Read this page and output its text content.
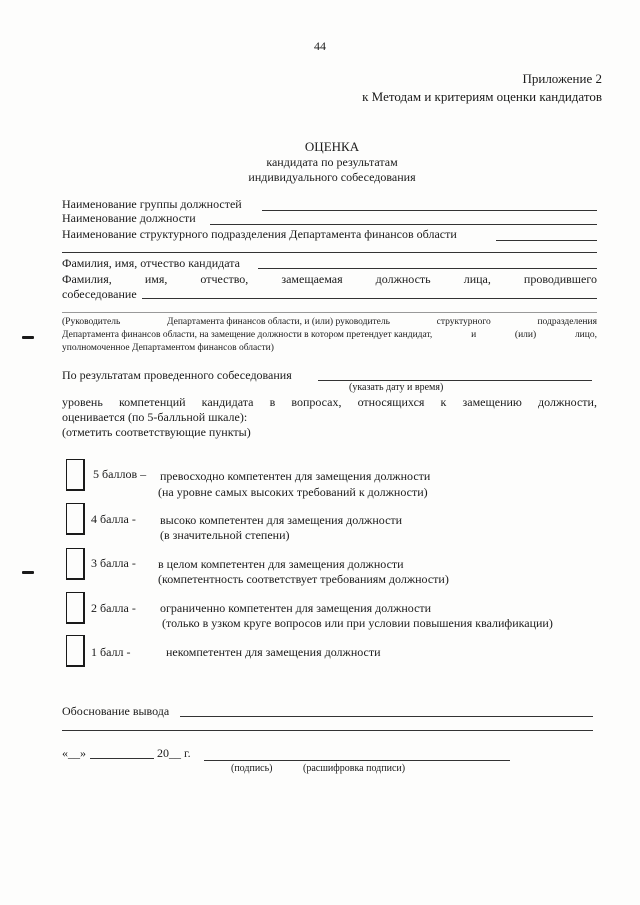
44
Приложение 2
к Методам и критериям оценки кандидатов
ОЦЕНКА
кандидата по результатам
индивидуального собеседования
Наименование группы должностей
Наименование должности
Наименование структурного подразделения Департамента финансов области
Фамилия, имя, отчество кандидата
Фамилия,	имя,	отчество,	замещаемая	должность	лица,	проводившего
собеседование
(Руководитель	Департамента финансов области, и (или) руководитель	структурного	подразделения
Департамента финансов области, на замещение должности в котором претендует кандидат,	и	(или)	лицо,
уполномоченное Департаментом финансов области)
По результатам проведенного собеседования
(указать дату и время)
уровень компетенций кандидата в вопросах, относящихся к замещению должности,
оценивается (по 5-балльной шкале):
(отметить соответствующие пункты)
5 баллов – превосходно компетентен для замещения должности
(на уровне самых высоких требований к должности)
4 балла - высоко компетентен для замещения должности
(в значительной степени)
3 балла - в целом компетентен для замещения должности
(компетентность соответствует требованиям должности)
2 балла - ограниченно компетентен для замещения должности
(только в узком круге вопросов или при условии повышения квалификации)
1 балл -	некомпетентен для замещения должности
Обоснование вывода
«__»	20__ г.
(подпись)	(расшифровка подписи)
